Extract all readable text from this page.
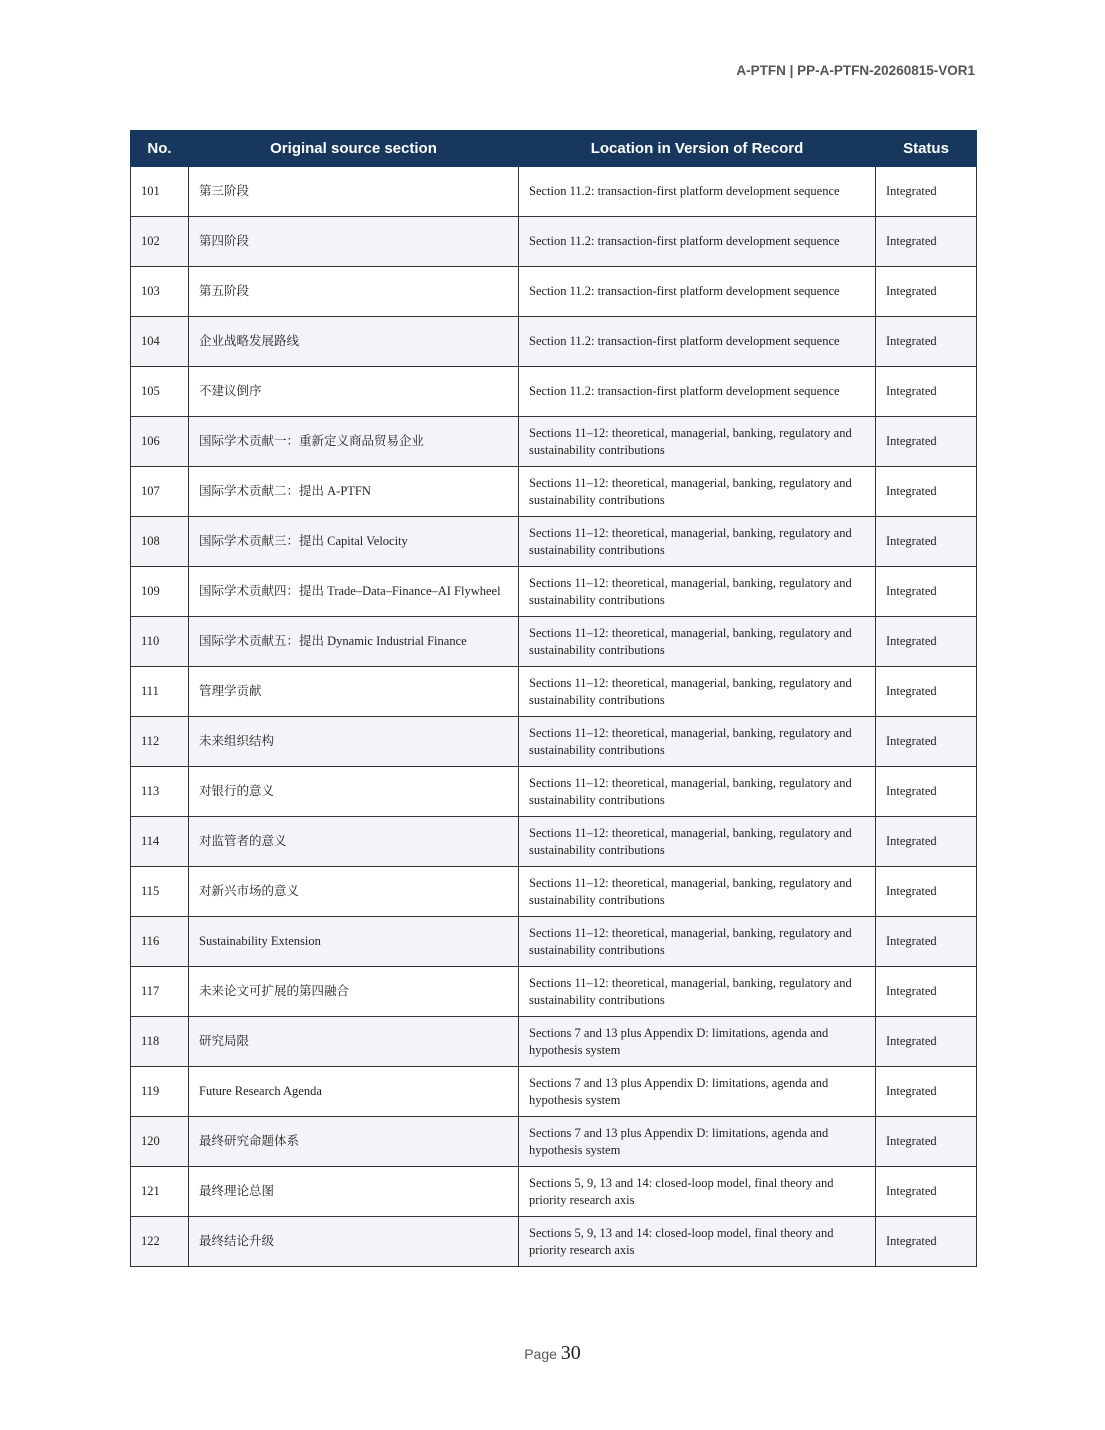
A-PTFN | PP-A-PTFN-20260815-VOR1
No.	Original source section	Location in Version of Record	Status
101	第三阶段	Section 11.2: transaction-first platform development sequence	Integrated
102	第四阶段	Section 11.2: transaction-first platform development sequence	Integrated
103	第五阶段	Section 11.2: transaction-first platform development sequence	Integrated
104	企业战略发展路线	Section 11.2: transaction-first platform development sequence	Integrated
105	不建议倒序	Section 11.2: transaction-first platform development sequence	Integrated
106	国际学术贡献一：重新定义商品贸易企业	Sections 11–12: theoretical, managerial, banking, regulatory and sustainability contributions	Integrated
107	国际学术贡献二：提出 A-PTFN	Sections 11–12: theoretical, managerial, banking, regulatory and sustainability contributions	Integrated
108	国际学术贡献三：提出 Capital Velocity	Sections 11–12: theoretical, managerial, banking, regulatory and sustainability contributions	Integrated
109	国际学术贡献四：提出 Trade–Data–Finance–AI Flywheel	Sections 11–12: theoretical, managerial, banking, regulatory and sustainability contributions	Integrated
110	国际学术贡献五：提出 Dynamic Industrial Finance	Sections 11–12: theoretical, managerial, banking, regulatory and sustainability contributions	Integrated
111	管理学贡献	Sections 11–12: theoretical, managerial, banking, regulatory and sustainability contributions	Integrated
112	未来组织结构	Sections 11–12: theoretical, managerial, banking, regulatory and sustainability contributions	Integrated
113	对银行的意义	Sections 11–12: theoretical, managerial, banking, regulatory and sustainability contributions	Integrated
114	对监管者的意义	Sections 11–12: theoretical, managerial, banking, regulatory and sustainability contributions	Integrated
115	对新兴市场的意义	Sections 11–12: theoretical, managerial, banking, regulatory and sustainability contributions	Integrated
116	Sustainability Extension	Sections 11–12: theoretical, managerial, banking, regulatory and sustainability contributions	Integrated
117	未来论文可扩展的第四融合	Sections 11–12: theoretical, managerial, banking, regulatory and sustainability contributions	Integrated
118	研究局限	Sections 7 and 13 plus Appendix D: limitations, agenda and hypothesis system	Integrated
119	Future Research Agenda	Sections 7 and 13 plus Appendix D: limitations, agenda and hypothesis system	Integrated
120	最终研究命题体系	Sections 7 and 13 plus Appendix D: limitations, agenda and hypothesis system	Integrated
121	最终理论总图	Sections 5, 9, 13 and 14: closed-loop model, final theory and priority research axis	Integrated
122	最终结论升级	Sections 5, 9, 13 and 14: closed-loop model, final theory and priority research axis	Integrated
Page 30
